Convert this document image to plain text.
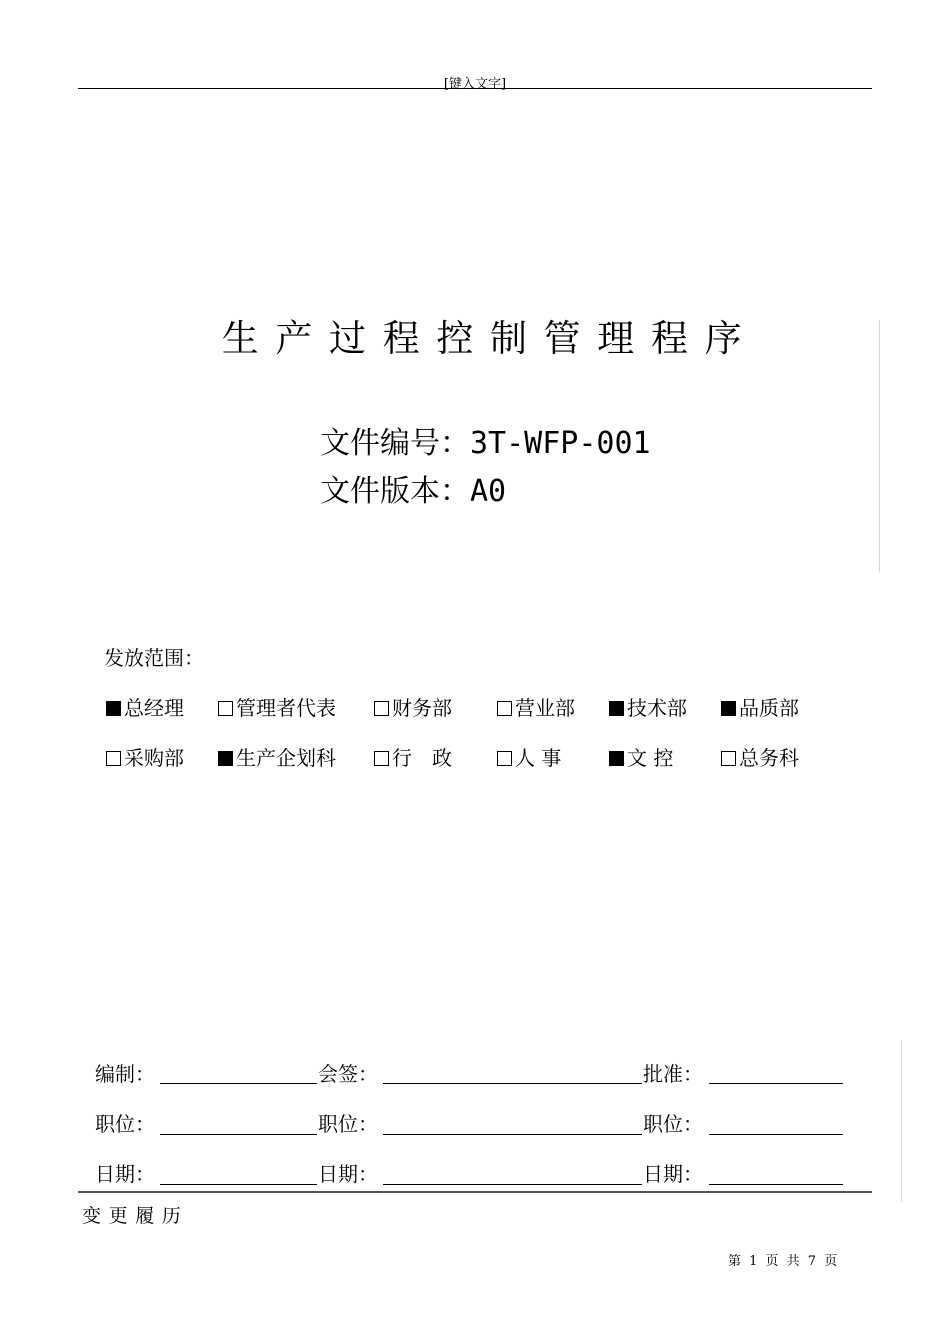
[键入文字]
生产过程控制管理程序
文件编号：3T-WFP-001
文件版本：A0
发放范围：
总经理	管理者代表	财务部	营业部	技术部	品质部
采购部	生产企划科	行　政	人 事	文 控	总务科
编制：	会签：	批准：
职位：	职位：	职位：
日期：	日期：	日期：
变更履历
第 1 页 共 7 页
